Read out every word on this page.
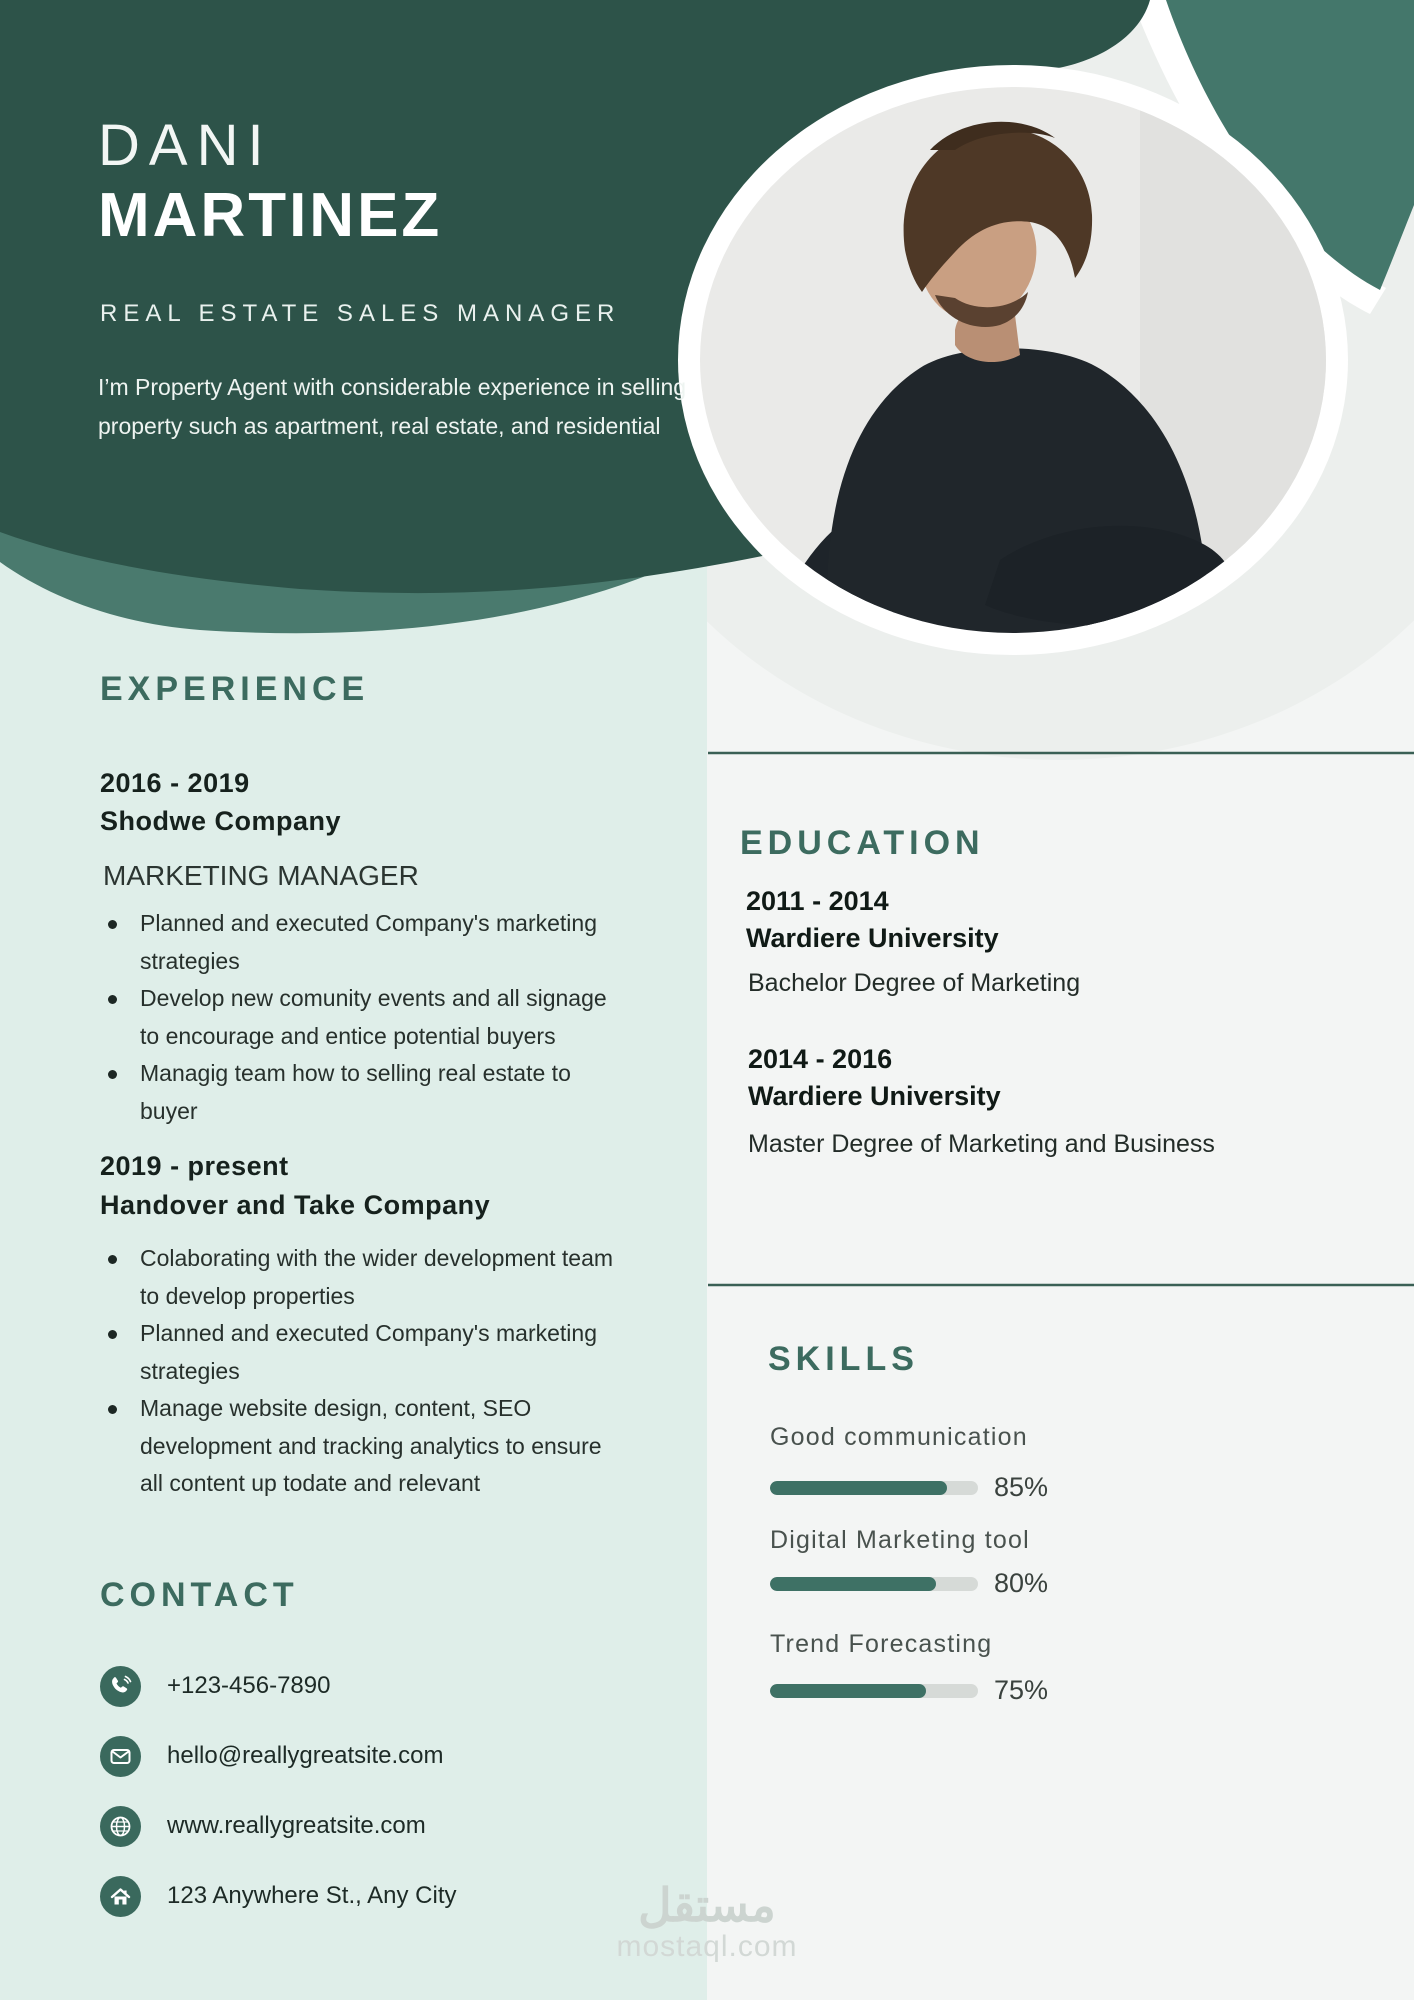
DANI
MARTINEZ
REAL ESTATE SALES MANAGER
I’m Property Agent with considerable experience in selling property such as apartment, real estate, and residential
EXPERIENCE
2016 - 2019
Shodwe Company
MARKETING MANAGER
Planned and executed Company's marketing strategies
Develop new comunity events and all signage to encourage and entice potential buyers
Managig team how to selling real estate to buyer
2019 - present
Handover and Take Company
Colaborating with the wider development team to develop properties
Planned and executed Company's marketing strategies
Manage website design, content, SEO development and tracking analytics to ensure all content up todate and relevant
CONTACT
+123-456-7890
hello@reallygreatsite.com
www.reallygreatsite.com
123 Anywhere St., Any City
EDUCATION
2011 - 2014
Wardiere University
Bachelor Degree of Marketing
2014 - 2016
Wardiere University
Master Degree of Marketing and Business
SKILLS
Good communication
85%
Digital Marketing tool
80%
Trend Forecasting
75%
مستقل
mostaql.com
